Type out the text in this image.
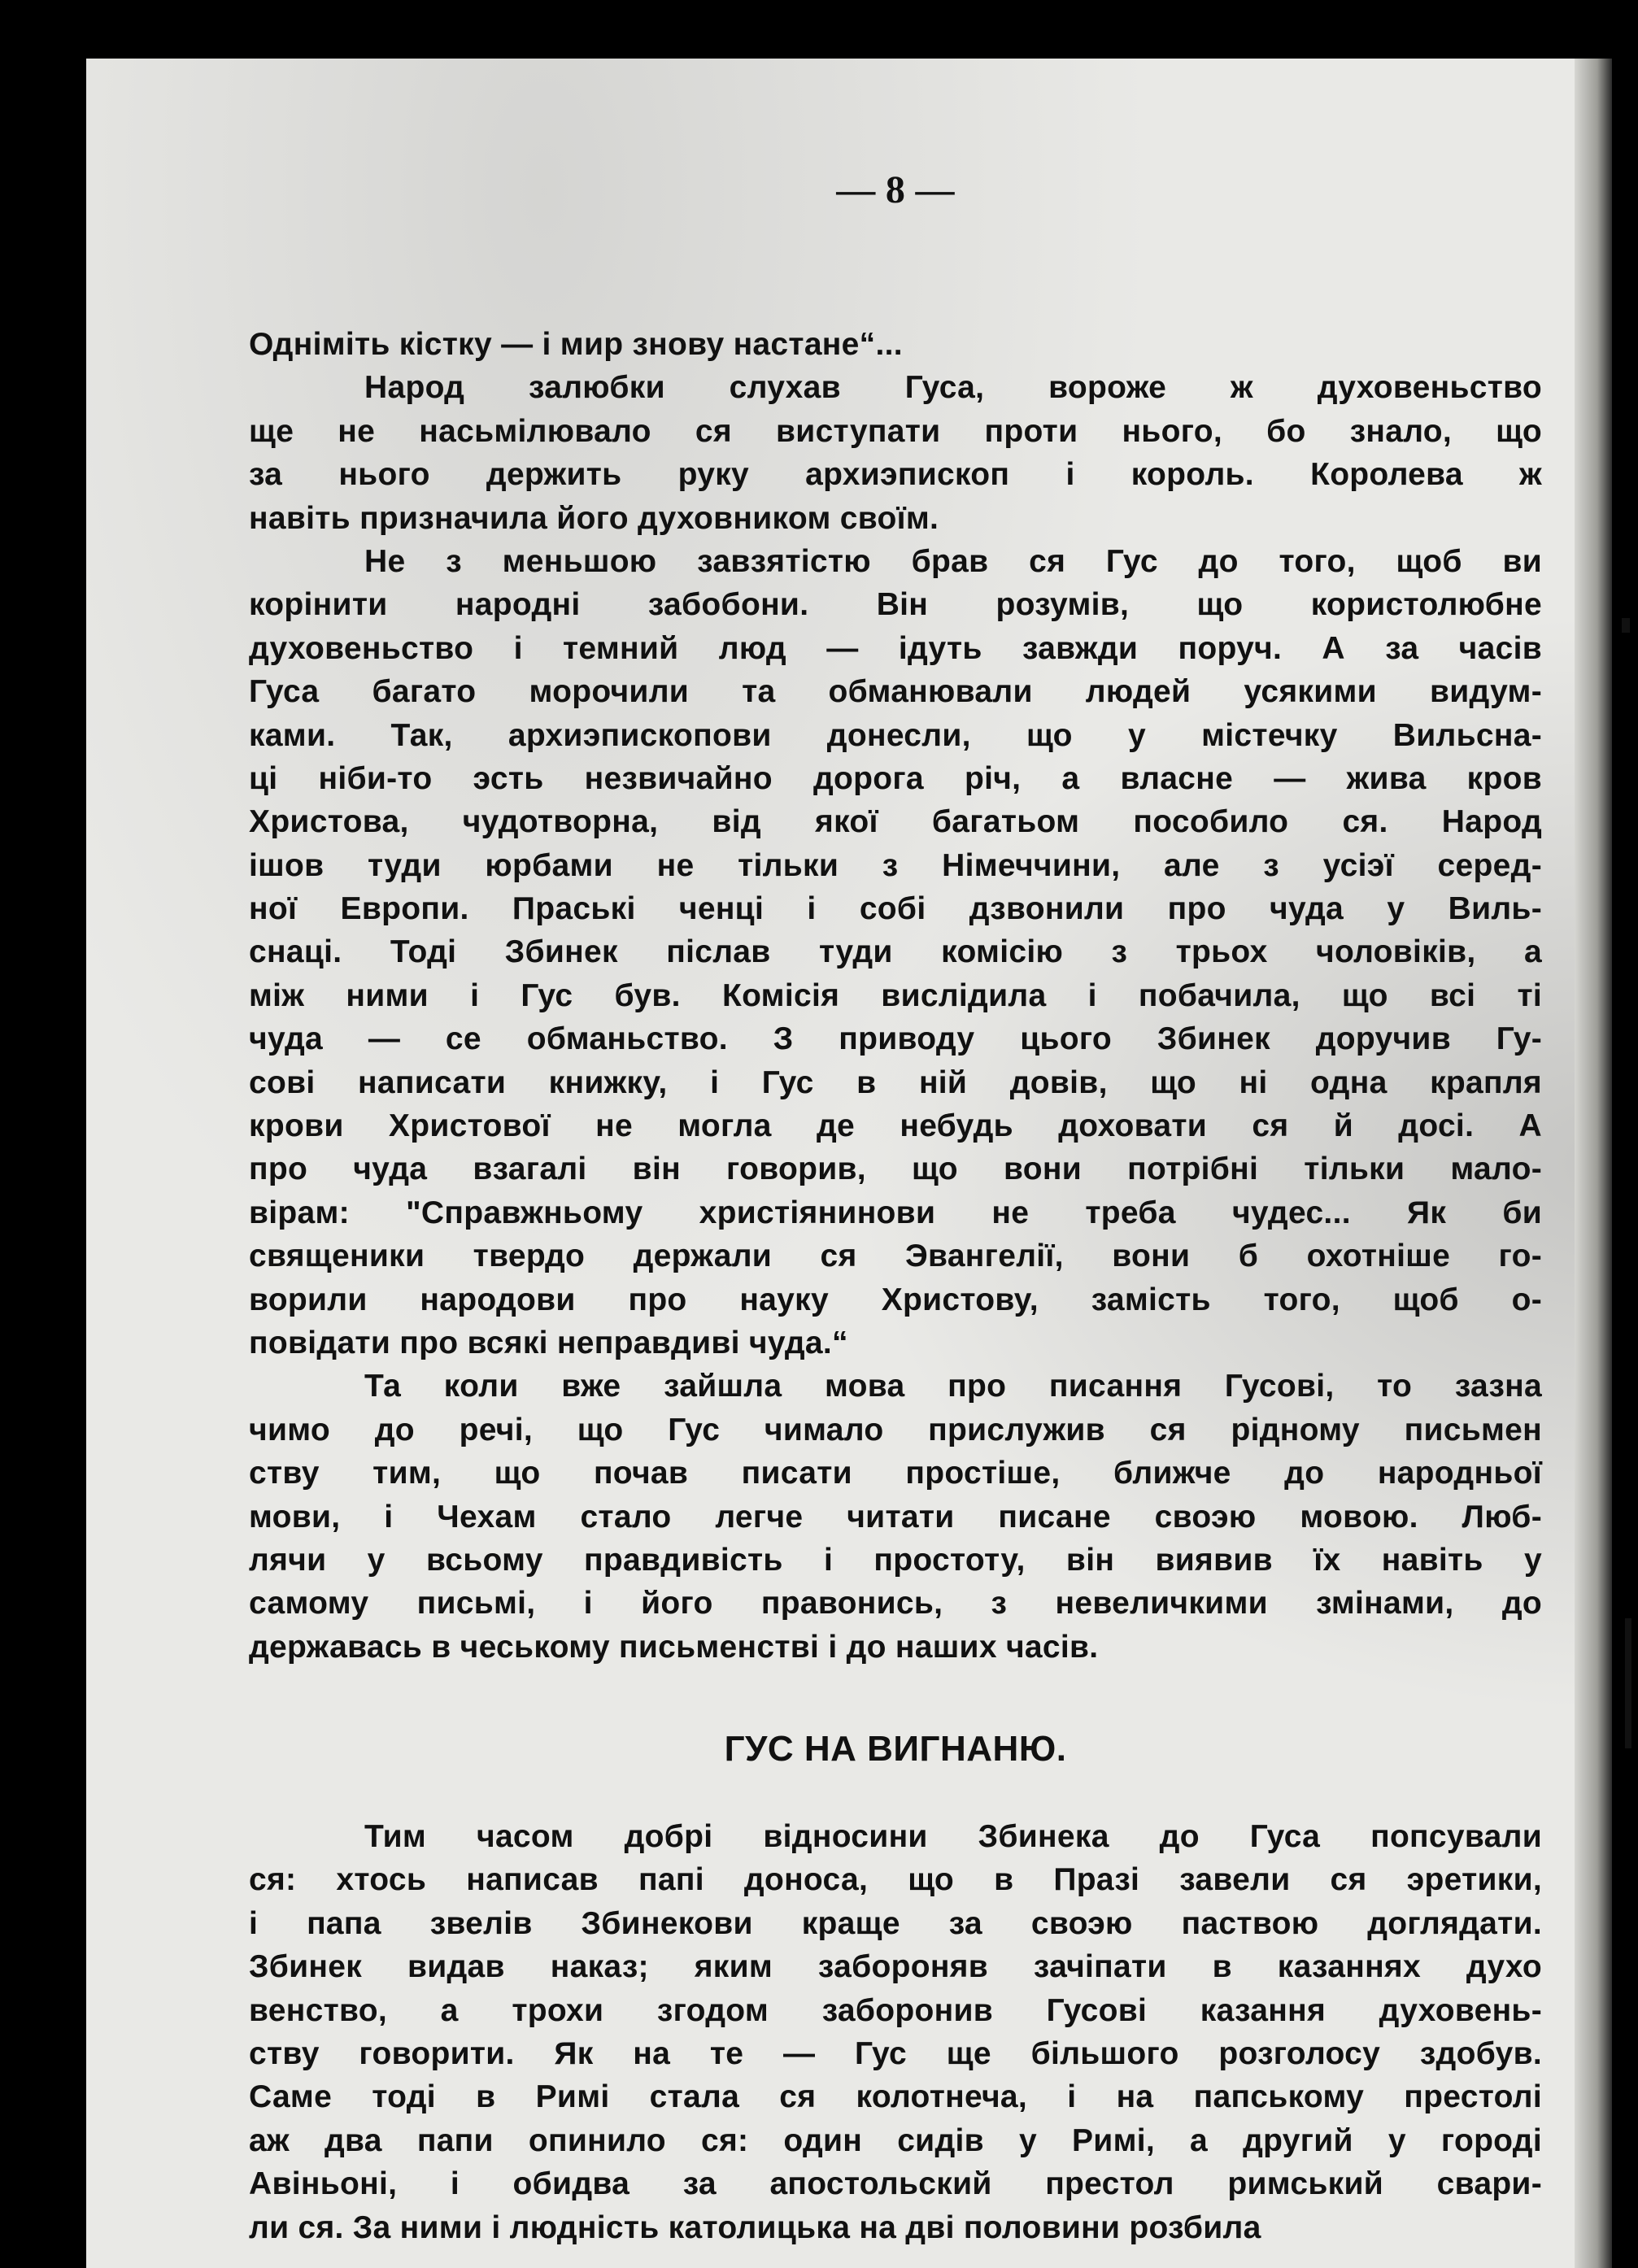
— 8 —
Одніміть кістку — і мир знову настане“...
Народ залюбки слухав Гуса, вороже ж духовеньство
ще не насьмілювало ся виступати проти нього, бо знало, що
за нього держить руку архиэпископ і король. Королева ж
навіть призначила його духовником своїм.
Не з меньшою завзятістю брав ся Гус до того, щоб ви
корінити народні забобони. Він розумів, що користолюбне
духовеньство і темний люд — ідуть завжди поруч. А за часів
Гуса багато морочили та обманювали людей усякими видум-
ками. Так, архиэпископови донесли, що у містечку Вильсна-
ці ніби-то эсть незвичайно дорога річ, а власне — жива кров
Христова, чудотворна, від якої багатьом пособило ся. Народ
ішов туди юрбами не тільки з Німеччини, але з усіэї серед-
ної Европи. Праські ченці і собі дзвонили про чуда у Виль-
снаці. Тоді Збинек післав туди комісію з трьох чоловіків, а
між ними і Гус був. Комісія вислідила і побачила, що всі ті
чуда — се обманьство. З приводу цього Збинек доручив Гу-
сові написати книжку, і Гус в ній довів, що ні одна крапля
крови Христової не могла де небудь доховати ся й досі. А
про чуда взагалі він говорив, що вони потрібні тільки мало-
вірам: "Справжньому христіянинови не треба чудес... Як би
священики твердо держали ся Эвангелії, вони б охотніше го-
ворили народови про науку Христову, замість того, щоб о-
повідати про всякі неправдиві чуда.“
Та коли вже зайшла мова про писання Гусові, то зазна
чимо до речі, що Гус чимало прислужив ся рідному письмен
ству тим, що почав писати простіше, ближче до народньої
мови, і Чехам стало легче читати писане своэю мовою. Люб-
лячи у всьому правдивість і простоту, він виявив їх навіть у
самому письмі, і його правонись, з невеличкими змінами, до
державась в чеському письменстві і до наших часів.
ГУС НА ВИГНАНЮ.
Тим часом добрі відносини Збинека до Гуса попсували
ся: хтось написав папі доноса, що в Празі завели ся эретики,
і папа звелів Збинекови краще за своэю паствою доглядати.
Збинек видав наказ; яким забороняв зачіпати в казаннях духо
венство, а трохи згодом заборонив Гусові казання духовень-
ству говорити. Як на те — Гус ще більшого розголосу здобув.
Саме тоді в Римі стала ся колотнеча, і на папському престолі
аж два папи опинило ся: один сидів у Римі, а другий у городі
Авіньоні, і обидва за апостольский престол римський свари-
ли ся. За ними і людність католицька на дві половини розбила
